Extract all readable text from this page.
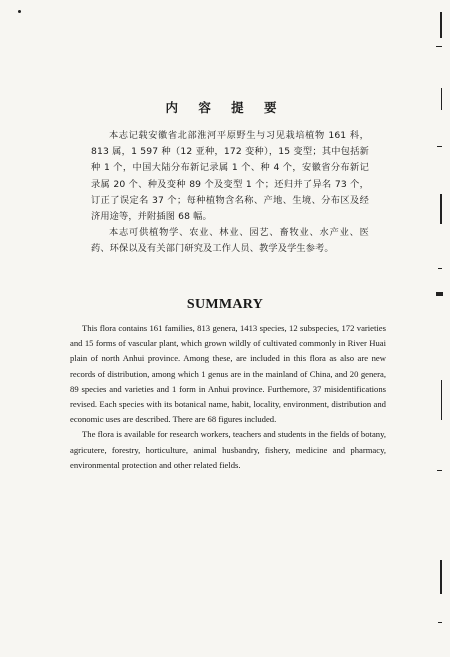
内 容 提 要

本志记载安徽省北部淮河平原野生与习见栽培植物 161 科，813 属，1 597 种（12 亚种，172 变种），15 变型；其中包括新种 1 个，中国大陆分布新记录属 1 个、种 4 个，安徽省分布新记录属 20 个、种及变种 89 个及变型 1 个；还归并了异名 73 个，订正了误定名 37 个；每种植物含名称、产地、生境、分布区及经济用途等，并附插图 68 幅。

本志可供植物学、农业、林业、园艺、畜牧业、水产业、医药、环保以及有关部门研究及工作人员、教学及学生参考。

SUMMARY

This flora contains 161 families, 813 genera, 1413 species, 12 subspecies, 172 varieties and 15 forms of vascular plant, which grown wildly of cultivated commonly in River Huai plain of north Anhui province. Among these, are included in this flora as also are new records of distribution, among which 1 genus are in the mainland of China, and 20 genera, 89 species and varieties and 1 form in Anhui province. Furthemore, 37 misidentifications revised. Each species with its botanical name, habit, locality, environment, distribution and economic uses are described. There are 68 figures included.

The flora is available for research workers, teachers and students in the fields of botany, agricutere, forestry, horticulture, animal husbandry, fishery, medicine and pharmacy, environmental protection and other related fields.
